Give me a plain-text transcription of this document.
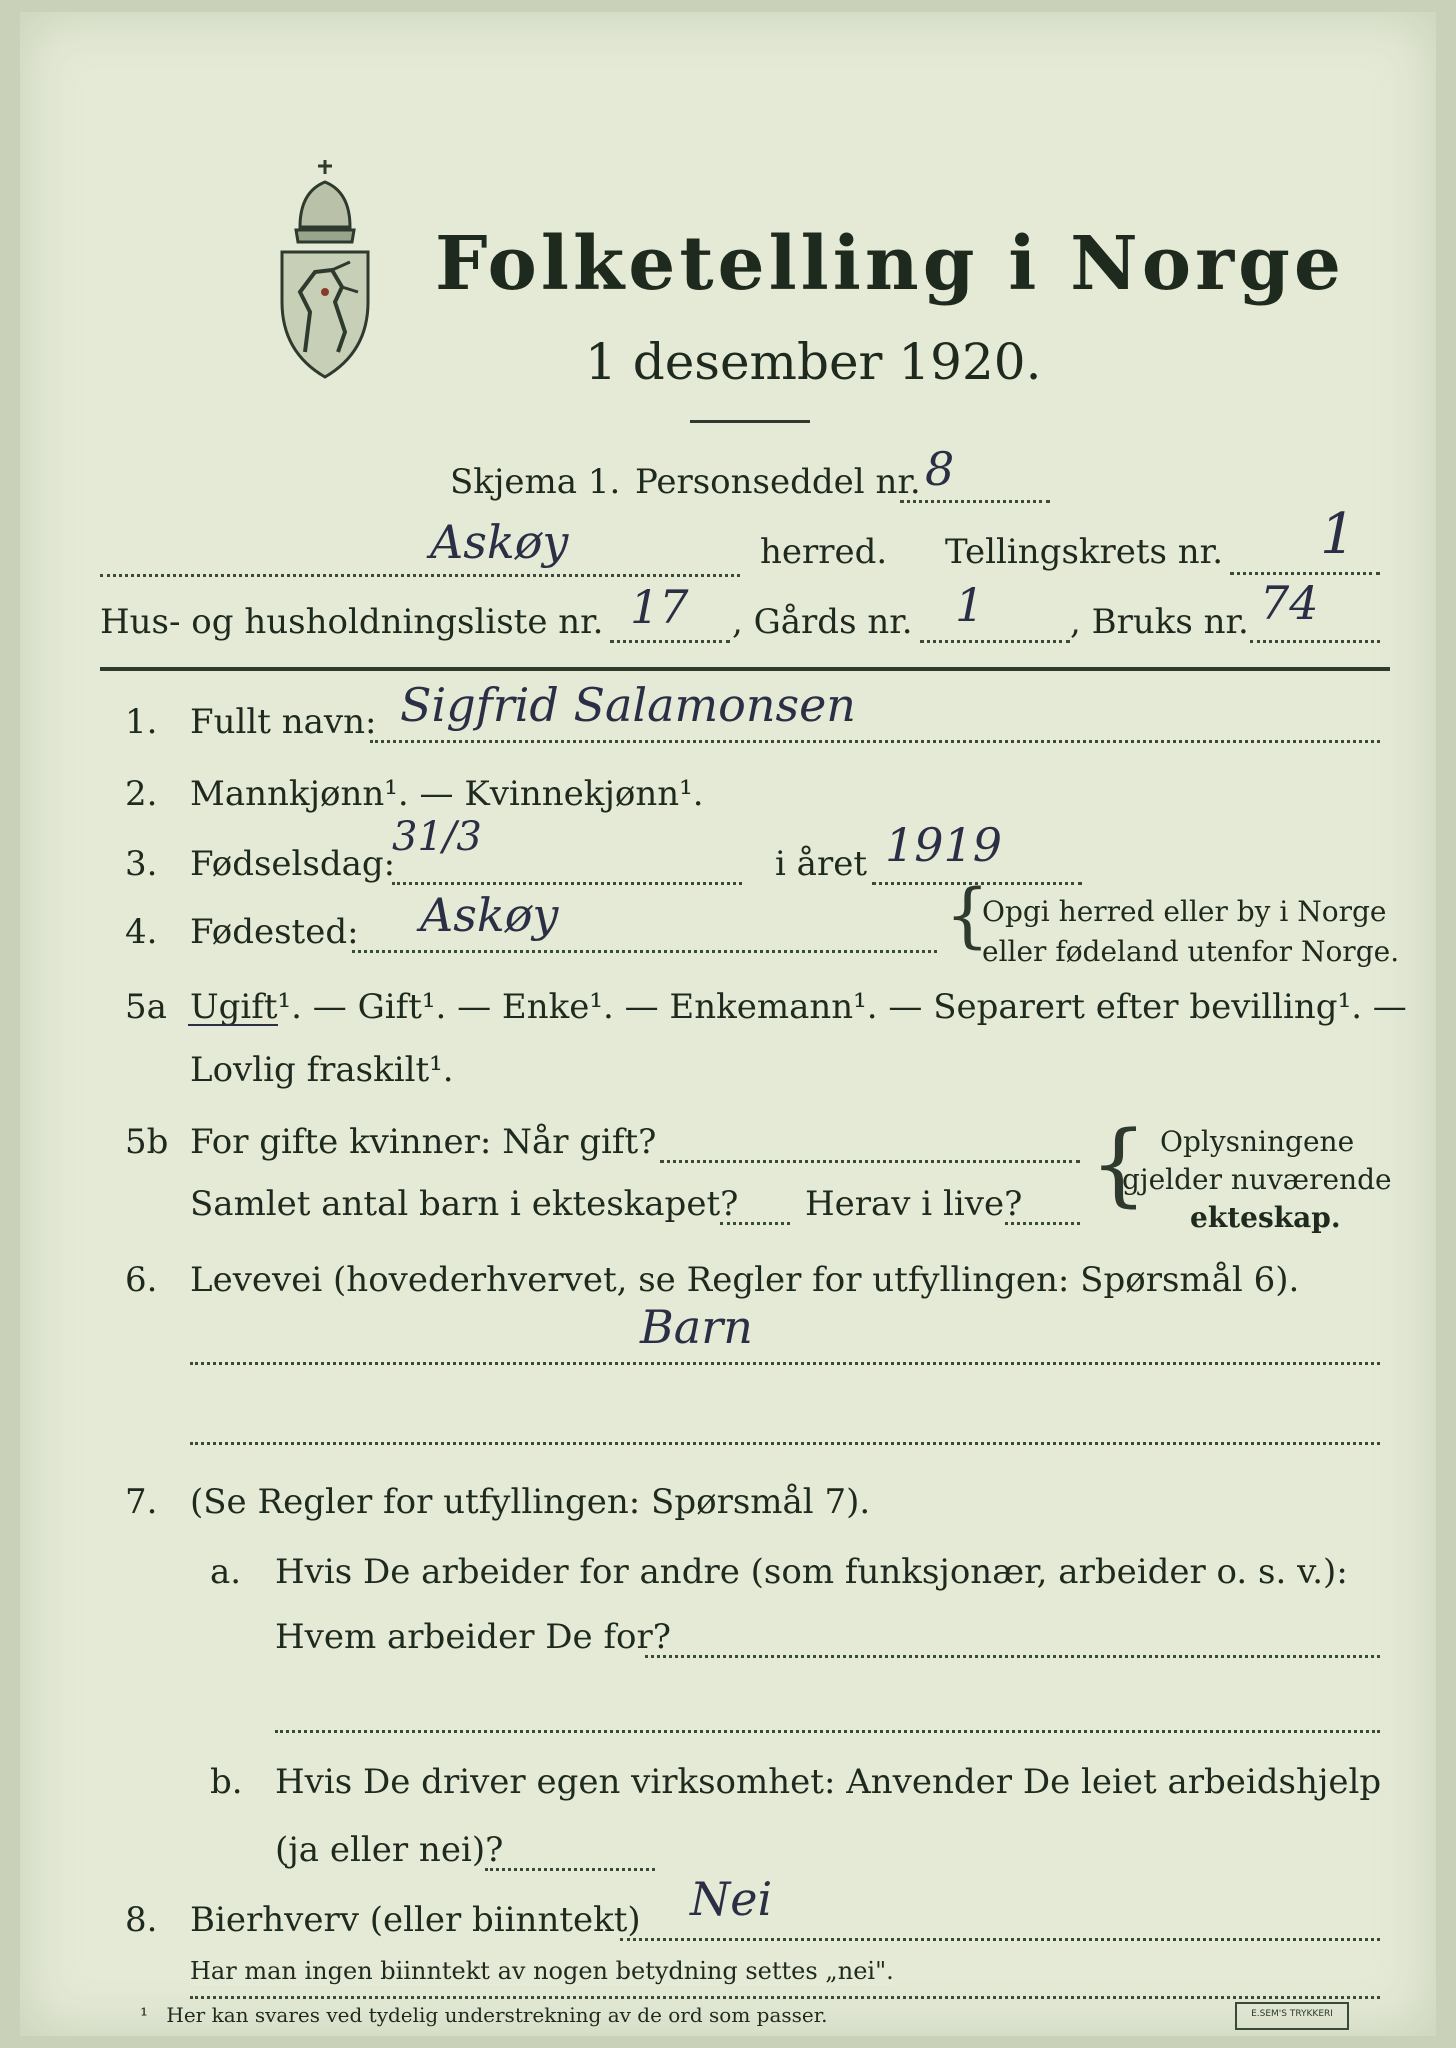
Folketelling i Norge
1 desember 1920.
Skjema 1. Personseddel nr. 8
Askøy	herred. Tellingskrets nr. 1
Hus- og husholdningsliste nr. 17 , Gårds nr. 1	, Bruks nr. 74
1. Fullt navn: Sigfrid Salamonsen
2. Mannkjønn¹. — Kvinnekjønn¹.
3. Fødselsdag:
31/3
i året 1919
4. Fødested: Askøy	{
Opgi herred eller by i Norge
eller fødeland utenfor Norge.
5a Ugift¹. — Gift¹. — Enke¹. — Enkemann¹. — Separert efter bevilling¹. —
Lovlig fraskilt¹.
5b For gifte kvinner: Når gift?
Samlet antal barn i ekteskapet? Herav i live? { Oplysningene
gjelder nuværende
ekteskap.
6. Levevei (hovederhvervet, se Regler for utfyllingen: Spørsmål 6).
Barn
7. (Se Regler for utfyllingen: Spørsmål 7).
a. Hvis De arbeider for andre (som funksjonær, arbeider o. s. v.):
Hvem arbeider De for?
b. Hvis De driver egen virksomhet: Anvender De leiet arbeidshjelp
(ja eller nei)?
8. Bierhverv (eller biinntekt) Nei
Har man ingen biinntekt av nogen betydning settes „nei".
¹ Her kan svares ved tydelig understrekning av de ord som passer.	E.SEM'S TRYKKERI
